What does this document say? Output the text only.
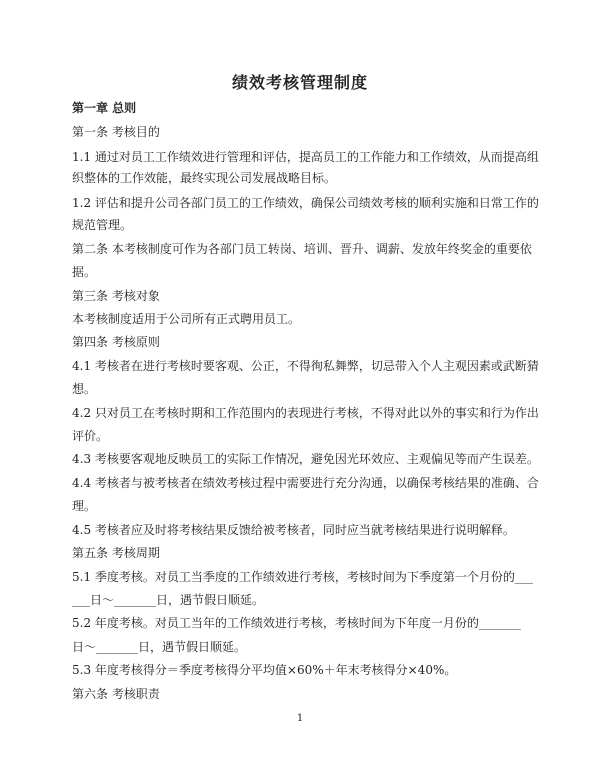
绩效考核管理制度
第一章 总则
第一条 考核目的
1.1 通过对员工工作绩效进行管理和评估，提高员工的工作能力和工作绩效，从而提高组
织整体的工作效能，最终实现公司发展战略目标。
1.2 评估和提升公司各部门员工的工作绩效，确保公司绩效考核的顺利实施和日常工作的
规范管理。
第二条 本考核制度可作为各部门员工转岗、培训、晋升、调薪、发放年终奖金的重要依
据。
第三条 考核对象
本考核制度适用于公司所有正式聘用员工。
第四条 考核原则
4.1 考核者在进行考核时要客观、公正，不得徇私舞弊，切忌带入个人主观因素或武断猜
想。
4.2 只对员工在考核时期和工作范围内的表现进行考核，不得对此以外的事实和行为作出
评价。
4.3 考核要客观地反映员工的实际工作情况，避免因光环效应、主观偏见等而产生误差。
4.4 考核者与被考核者在绩效考核过程中需要进行充分沟通，以确保考核结果的准确、合
理。
4.5 考核者应及时将考核结果反馈给被考核者，同时应当就考核结果进行说明解释。
第五条 考核周期
5.1 季度考核。对员工当季度的工作绩效进行考核，考核时间为下季度第一个月份的___
___日～_______日，遇节假日顺延。
5.2 年度考核。对员工当年的工作绩效进行考核，考核时间为下年度一月份的_______
日～_______日，遇节假日顺延。
5.3 年度考核得分＝季度考核得分平均值×60%＋年末考核得分×40%。
第六条 考核职责
1
